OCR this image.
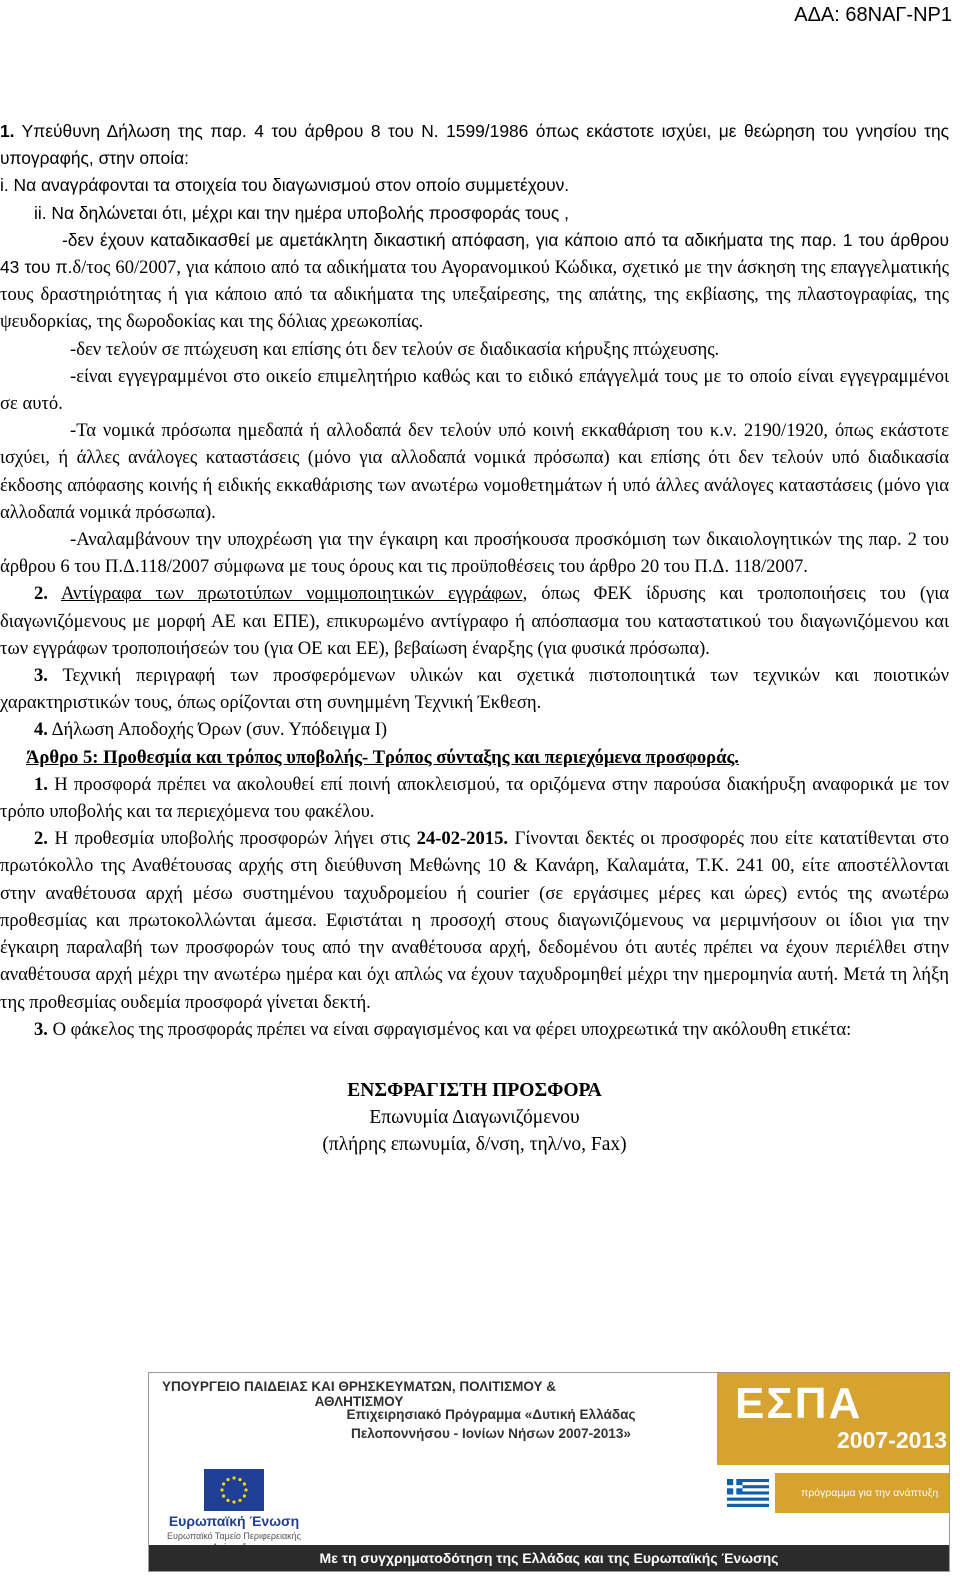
ΑΔΑ: 68ΝΑΓ-ΝΡ1

1. Υπεύθυνη Δήλωση της παρ. 4 του άρθρου 8 του Ν. 1599/1986 όπως εκάστοτε ισχύει, με θεώρηση του γνησίου της υπογραφής, στην οποία:

i. Να αναγράφονται τα στοιχεία του διαγωνισμού στον οποίο συμμετέχουν.

ii. Να δηλώνεται ότι, μέχρι και την ημέρα υποβολής προσφοράς τους ,

-δεν έχουν καταδικασθεί με αμετάκλητη δικαστική απόφαση, για κάποιο από τα αδικήματα της παρ. 1 του άρθρου 43 του π.δ/τος 60/2007, για κάποιο από τα αδικήματα του Αγορανομικού Κώδικα, σχετικό με την άσκηση της επαγγελματικής τους δραστηριότητας ή για κάποιο από τα αδικήματα της υπεξαίρεσης, της απάτης, της εκβίασης, της πλαστογραφίας, της ψευδορκίας, της δωροδοκίας και της δόλιας χρεωκοπίας.

-δεν τελούν σε πτώχευση και επίσης ότι δεν τελούν σε διαδικασία κήρυξης πτώχευσης.

-είναι εγγεγραμμένοι στο οικείο επιμελητήριο καθώς και το ειδικό επάγγελμά τους με το οποίο είναι εγγεγραμμένοι σε αυτό.

-Τα νομικά πρόσωπα ημεδαπά ή αλλοδαπά δεν τελούν υπό κοινή εκκαθάριση του κ.ν. 2190/1920, όπως εκάστοτε ισχύει, ή άλλες ανάλογες καταστάσεις (μόνο για αλλοδαπά νομικά πρόσωπα) και επίσης ότι δεν τελούν υπό διαδικασία έκδοσης απόφασης κοινής ή ειδικής εκκαθάρισης των ανωτέρω νομοθετημάτων ή υπό άλλες ανάλογες καταστάσεις (μόνο για αλλοδαπά νομικά πρόσωπα).

-Αναλαμβάνουν την υποχρέωση για την έγκαιρη και προσήκουσα προσκόμιση των δικαιολογητικών της παρ. 2 του άρθρου 6 του Π.Δ.118/2007 σύμφωνα με τους όρους και τις προϋποθέσεις του άρθρο 20 του Π.Δ. 118/2007.

2. Αντίγραφα των πρωτοτύπων νομιμοποιητικών εγγράφων, όπως ΦΕΚ ίδρυσης και τροποποιήσεις του (για διαγωνιζόμενους με μορφή ΑΕ και ΕΠΕ), επικυρωμένο αντίγραφο ή απόσπασμα του καταστατικού του διαγωνιζόμενου και των εγγράφων τροποποιήσεών του (για ΟΕ και ΕΕ), βεβαίωση έναρξης (για φυσικά πρόσωπα).

3. Τεχνική περιγραφή των προσφερόμενων υλικών και σχετικά πιστοποιητικά των τεχνικών και ποιοτικών χαρακτηριστικών τους, όπως ορίζονται στη συνημμένη Τεχνική Έκθεση.

4. Δήλωση Αποδοχής Όρων (συν. Υπόδειγμα Ι)

Άρθρο 5: Προθεσμία και τρόπος υποβολής- Τρόπος σύνταξης και περιεχόμενα προσφοράς.

1. Η προσφορά πρέπει να ακολουθεί επί ποινή αποκλεισμού, τα οριζόμενα στην παρούσα διακήρυξη αναφορικά με τον τρόπο υποβολής και τα περιεχόμενα του φακέλου.

2. Η προθεσμία υποβολής προσφορών λήγει στις 24-02-2015. Γίνονται δεκτές οι προσφορές που είτε κατατίθενται στο πρωτόκολλο της Αναθέτουσας αρχής στη διεύθυνση Μεθώνης 10 & Κανάρη, Καλαμάτα, Τ.Κ. 241 00, είτε αποστέλλονται στην αναθέτουσα αρχή μέσω συστημένου ταχυδρομείου ή courier (σε εργάσιμες μέρες και ώρες) εντός της ανωτέρω προθεσμίας και πρωτοκολλώνται άμεσα. Εφιστάται η προσοχή στους διαγωνιζόμενους να μεριμνήσουν οι ίδιοι για την έγκαιρη παραλαβή των προσφορών τους από την αναθέτουσα αρχή, δεδομένου ότι αυτές πρέπει να έχουν περιέλθει στην αναθέτουσα αρχή μέχρι την ανωτέρω ημέρα και όχι απλώς να έχουν ταχυδρομηθεί μέχρι την ημερομηνία αυτή. Μετά τη λήξη της προθεσμίας ουδεμία προσφορά γίνεται δεκτή.

3. Ο φάκελος της προσφοράς πρέπει να είναι σφραγισμένος και να φέρει υποχρεωτικά την ακόλουθη ετικέτα:

ΕΝΣΦΡΑΓΙΣΤΗ ΠΡΟΣΦΟΡΑ
Επωνυμία Διαγωνιζόμενου
(πλήρης επωνυμία, δ/νση, τηλ/νο, Fax)
ΥΠΟΥΡΓΕΙΟ ΠΑΙΔΕΙΑΣ ΚΑΙ ΘΡΗΣΚΕΥΜΑΤΩΝ, ΠΟΛΙΤΙΣΜΟΥ & ΑΘΛΗΤΙΣΜΟΥ	ΕΣΠΑ
2007-2013
Επιχειρησιακό Πρόγραμμα «Δυτική Ελλάδας
Πελοποννήσου - Ιονίων Νήσων 2007-2013»
Ευρωπαϊκή Ένωση
Ευρωπαϊκό Ταμείο Περιφερειακής
πρόγραμμα για την ανάπτυξη
Με τη συγχρηματοδότηση της Ελλάδας και της Ευρωπαϊκής Ένωσης
